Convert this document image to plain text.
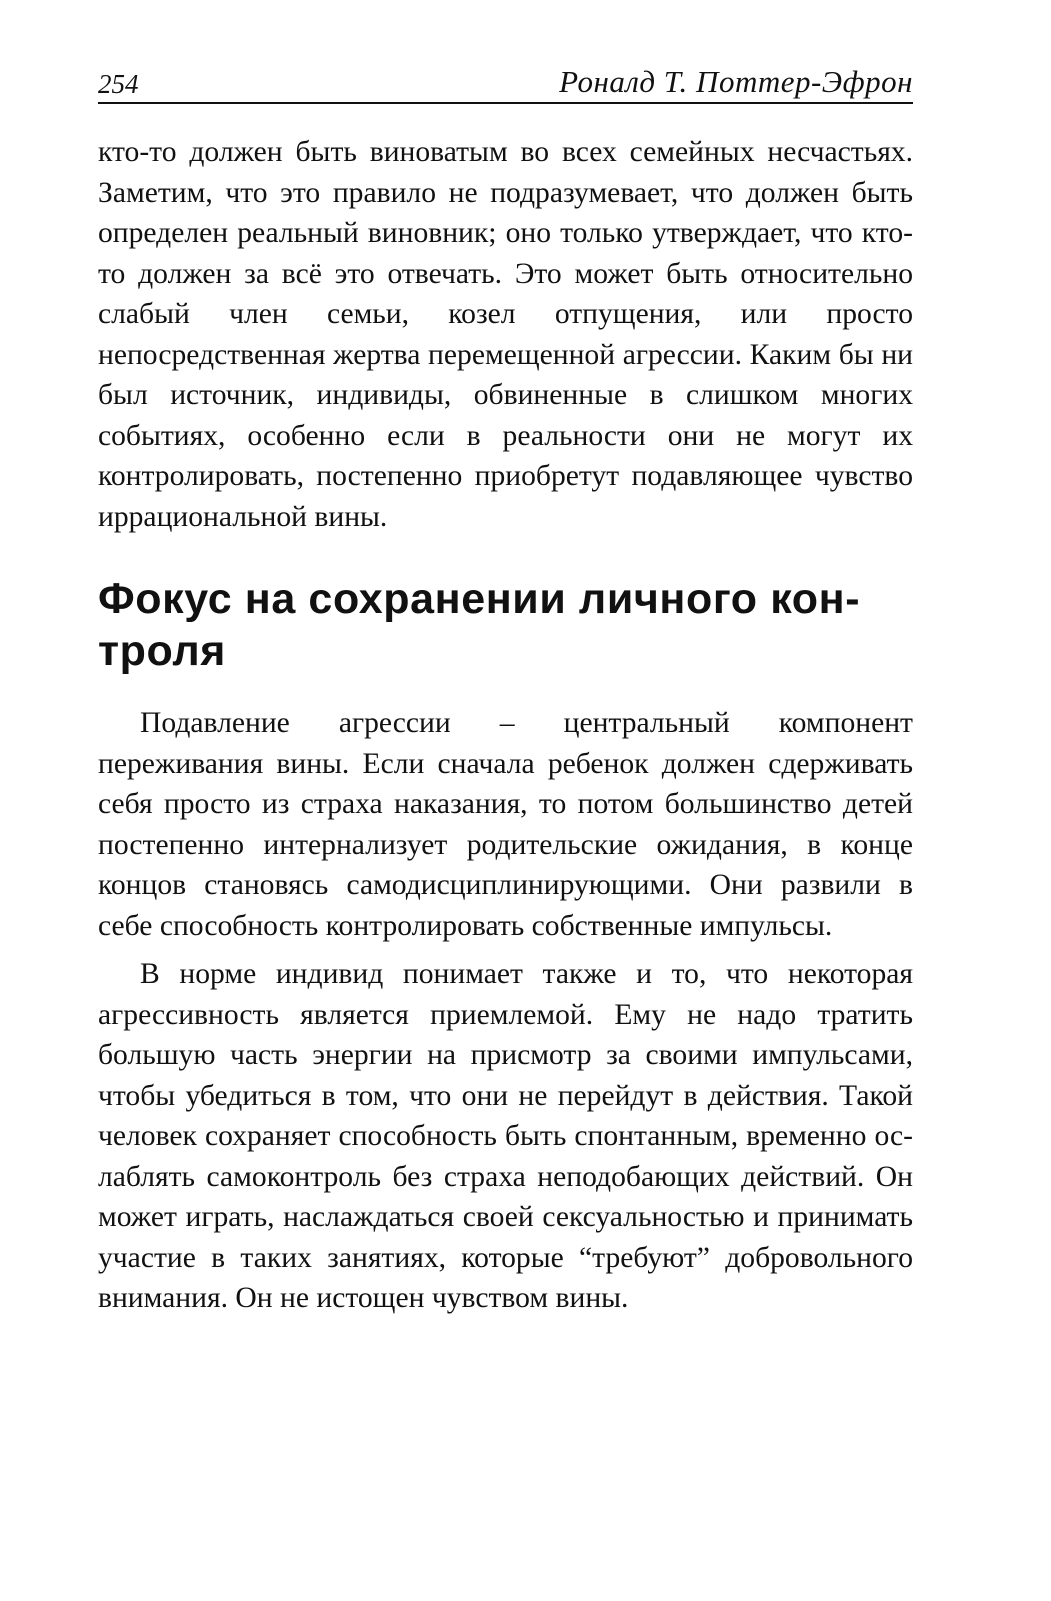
254	Роналд Т. Поттер-Эфрон

кто-то должен быть виноватым во всех семейных несчастьях. Заметим, что это правило не подразумевает, что должен быть определен реальный виновник; оно только утверждает, что кто-то должен за всё это отвечать. Это может быть относительно слабый член семьи, козел отпущения, или просто непосредственная жертва перемещенной агрессии. Каким бы ни был источник, индивиды, обвиненные в слишком многих событиях, особенно если в реальности они не могут их контролировать, постепенно приобретут подавляющее чувство иррациональной вины.

Фокус на сохранении личного контроля

Подавление агрессии – центральный компонент переживания вины. Если сначала ребенок должен сдерживать себя просто из страха наказания, то потом большинство детей постепенно интернализует родительские ожидания, в конце концов становясь самодисциплинирующими. Они развили в себе способность контролировать собственные импульсы.

В норме индивид понимает также и то, что некоторая агрессивность является приемлемой. Ему не надо тратить большую часть энергии на присмотр за своими импульсами, чтобы убедиться в том, что они не перейдут в действия. Такой человек сохраняет способность быть спонтанным, временно ослаблять самоконтроль без страха неподобающих действий. Он может играть, наслаждаться своей сексуальностью и принимать участие в таких занятиях, которые “требуют” добровольного внимания. Он не истощен чувством вины.
